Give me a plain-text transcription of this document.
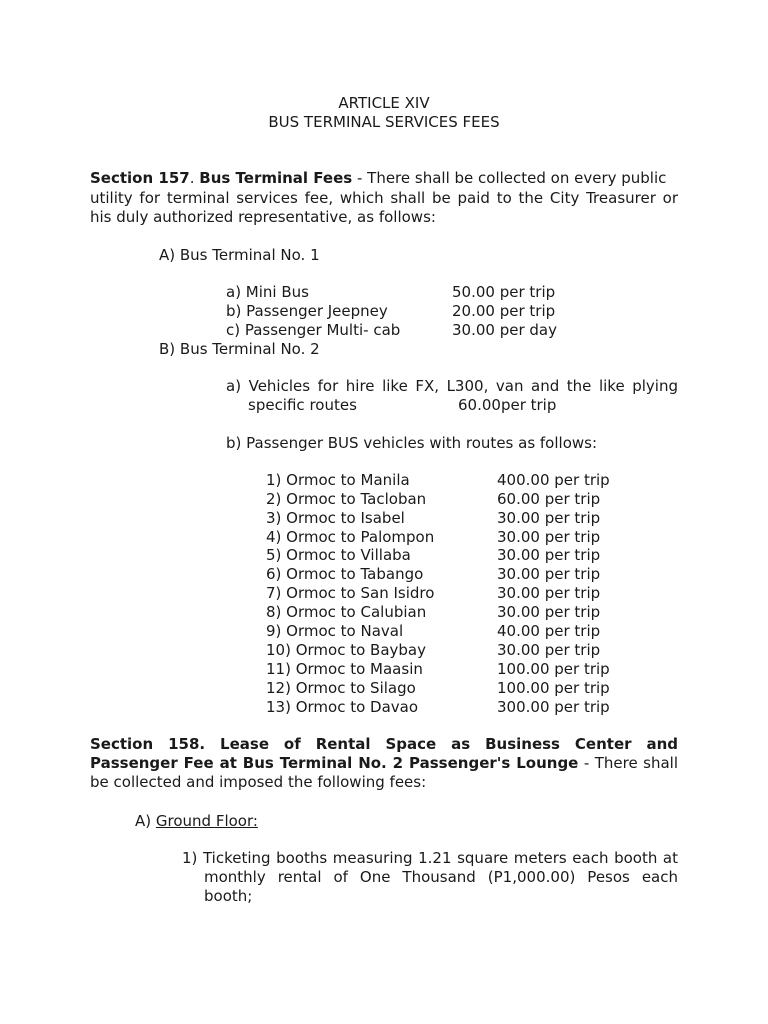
ARTICLE XIV
BUS TERMINAL SERVICES FEES
Section 157. Bus Terminal Fees - There shall be collected on every public
utility for terminal services fee, which shall be paid to the City Treasurer or
his duly authorized representative, as follows:
A) Bus Terminal No. 1
a) Mini Bus	50.00 per trip
b) Passenger Jeepney	20.00 per trip
c) Passenger Multi- cab	30.00 per day
B) Bus Terminal No. 2
a) Vehicles for hire like FX, L300, van and the like plying
specific routes	60.00per trip
b) Passenger BUS vehicles with routes as follows:
1) Ormoc to Manila	400.00 per trip
2) Ormoc to Tacloban	60.00 per trip
3) Ormoc to Isabel	30.00 per trip
4) Ormoc to Palompon	30.00 per trip
5) Ormoc to Villaba	30.00 per trip
6) Ormoc to Tabango	30.00 per trip
7) Ormoc to San Isidro	30.00 per trip
8) Ormoc to Calubian	30.00 per trip
9) Ormoc to Naval	40.00 per trip
10) Ormoc to Baybay	30.00 per trip
11) Ormoc to Maasin	100.00 per trip
12) Ormoc to Silago	100.00 per trip
13) Ormoc to Davao	300.00 per trip
Section 158. Lease of Rental Space as Business Center and
Passenger Fee at Bus Terminal No. 2 Passenger's Lounge - There shall
be collected and imposed the following fees:
A) Ground Floor:
1) Ticketing booths measuring 1.21 square meters each booth at
monthly rental of One Thousand (P1,000.00) Pesos each
booth;
